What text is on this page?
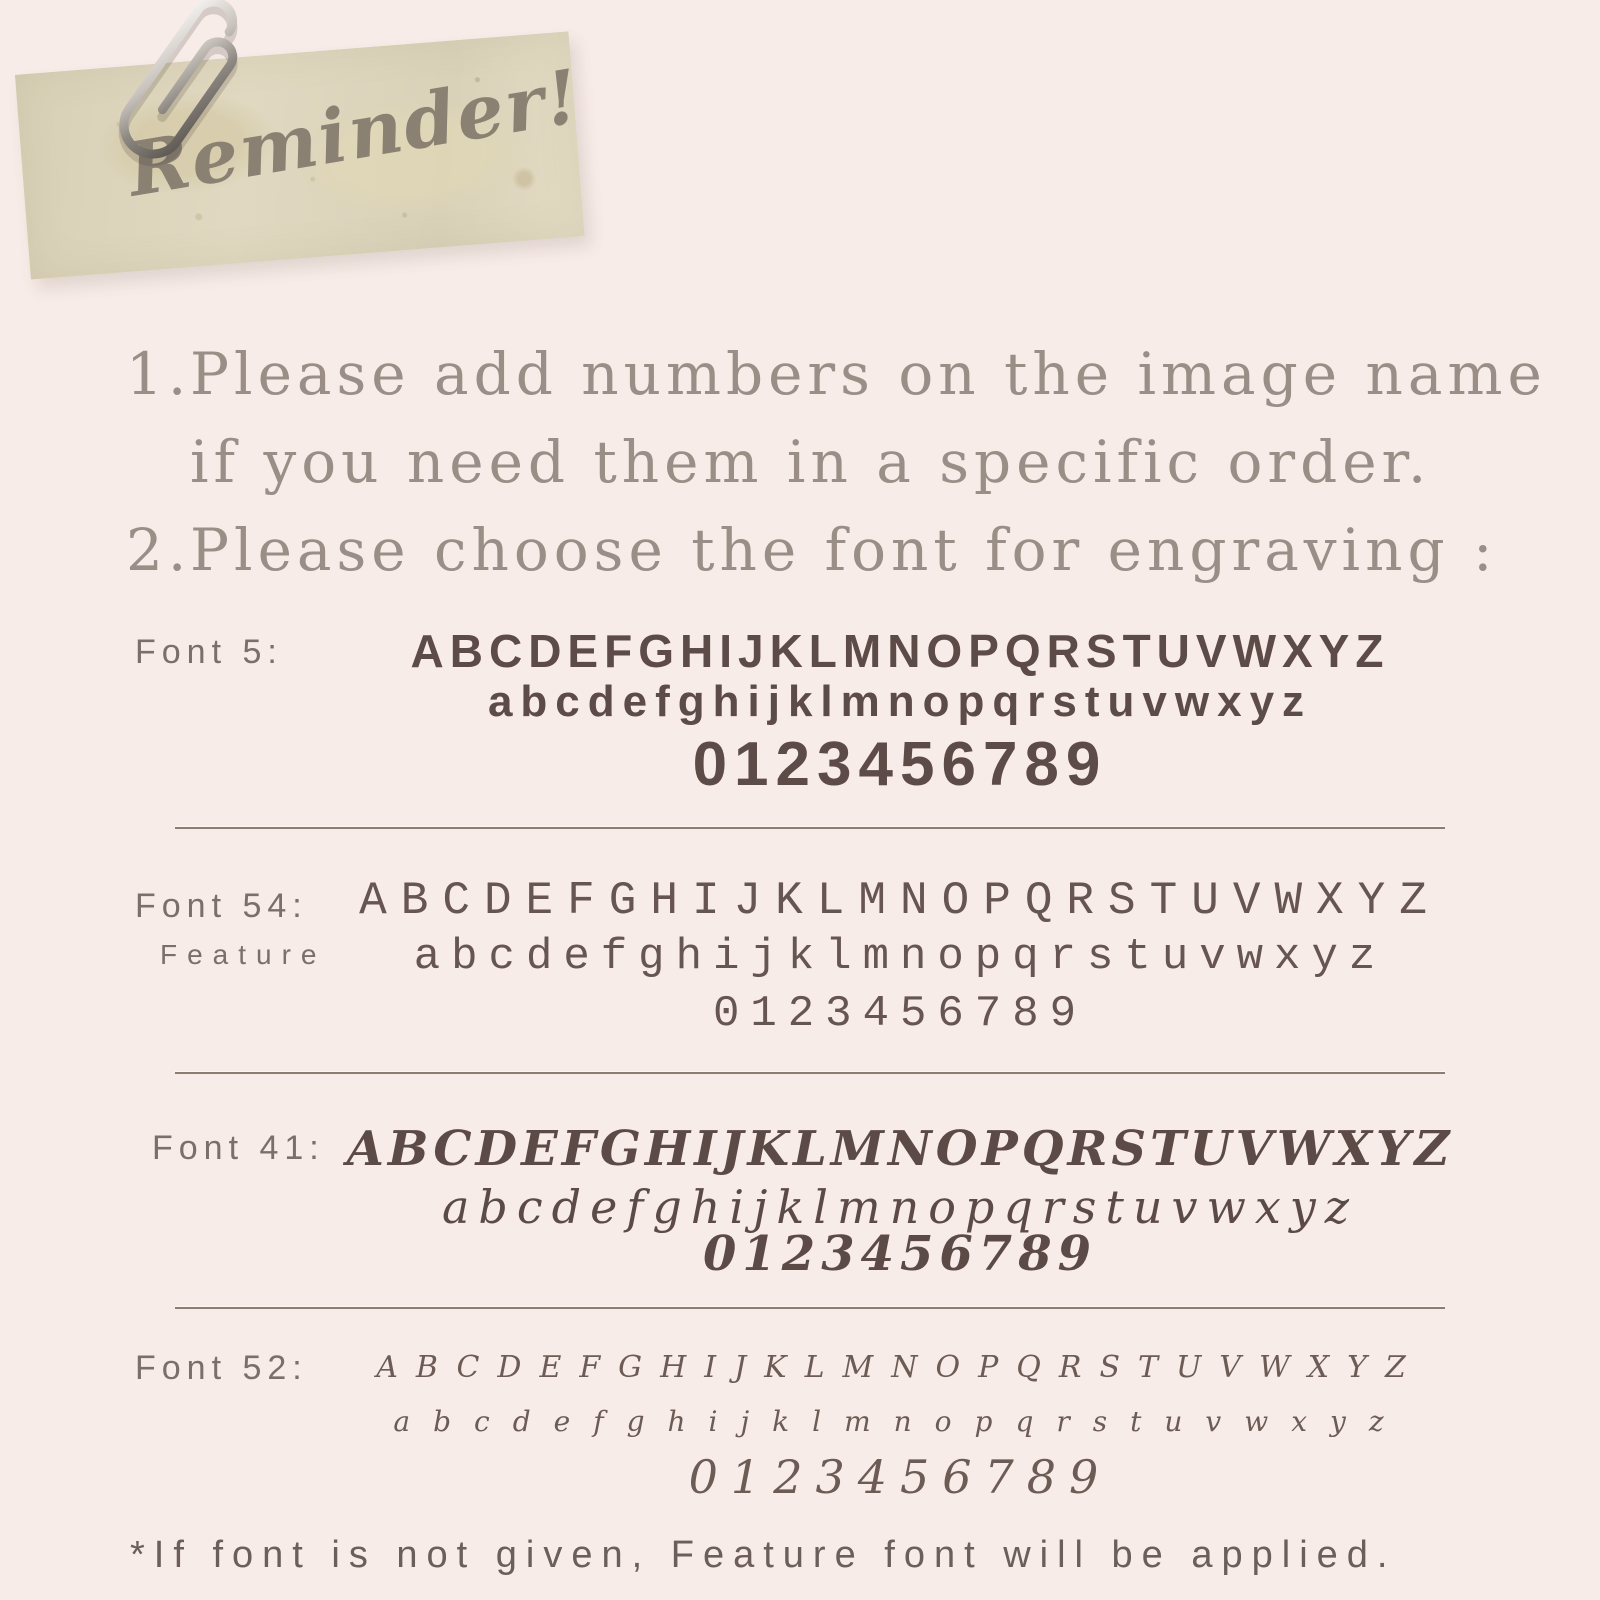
Reminder!
1.
Please add numbers on the image name
if you need them in a specific order.
2.
Please choose the font for engraving :
Font 5:	ABCDEFGHIJKLMNOPQRSTUVWXYZ
abcdefghijklmnopqrstuvwxyz
0123456789
Font 54:
Feature
ABCDEFGHIJKLMNOPQRSTUVWXYZ
abcdefghijklmnopqrstuvwxyz
0123456789
Font 41: ABCDEFGHIJKLMNOPQRSTUVWXYZ
abcdefghijklmnopqrstuvwxyz
0123456789
Font 52:	ABCDEFGHIJKLMNOPQRSTUVWXYZ
abcdefghijklmnopqrstuvwxyz
0123456789
*If font is not given, Feature font will be applied.
